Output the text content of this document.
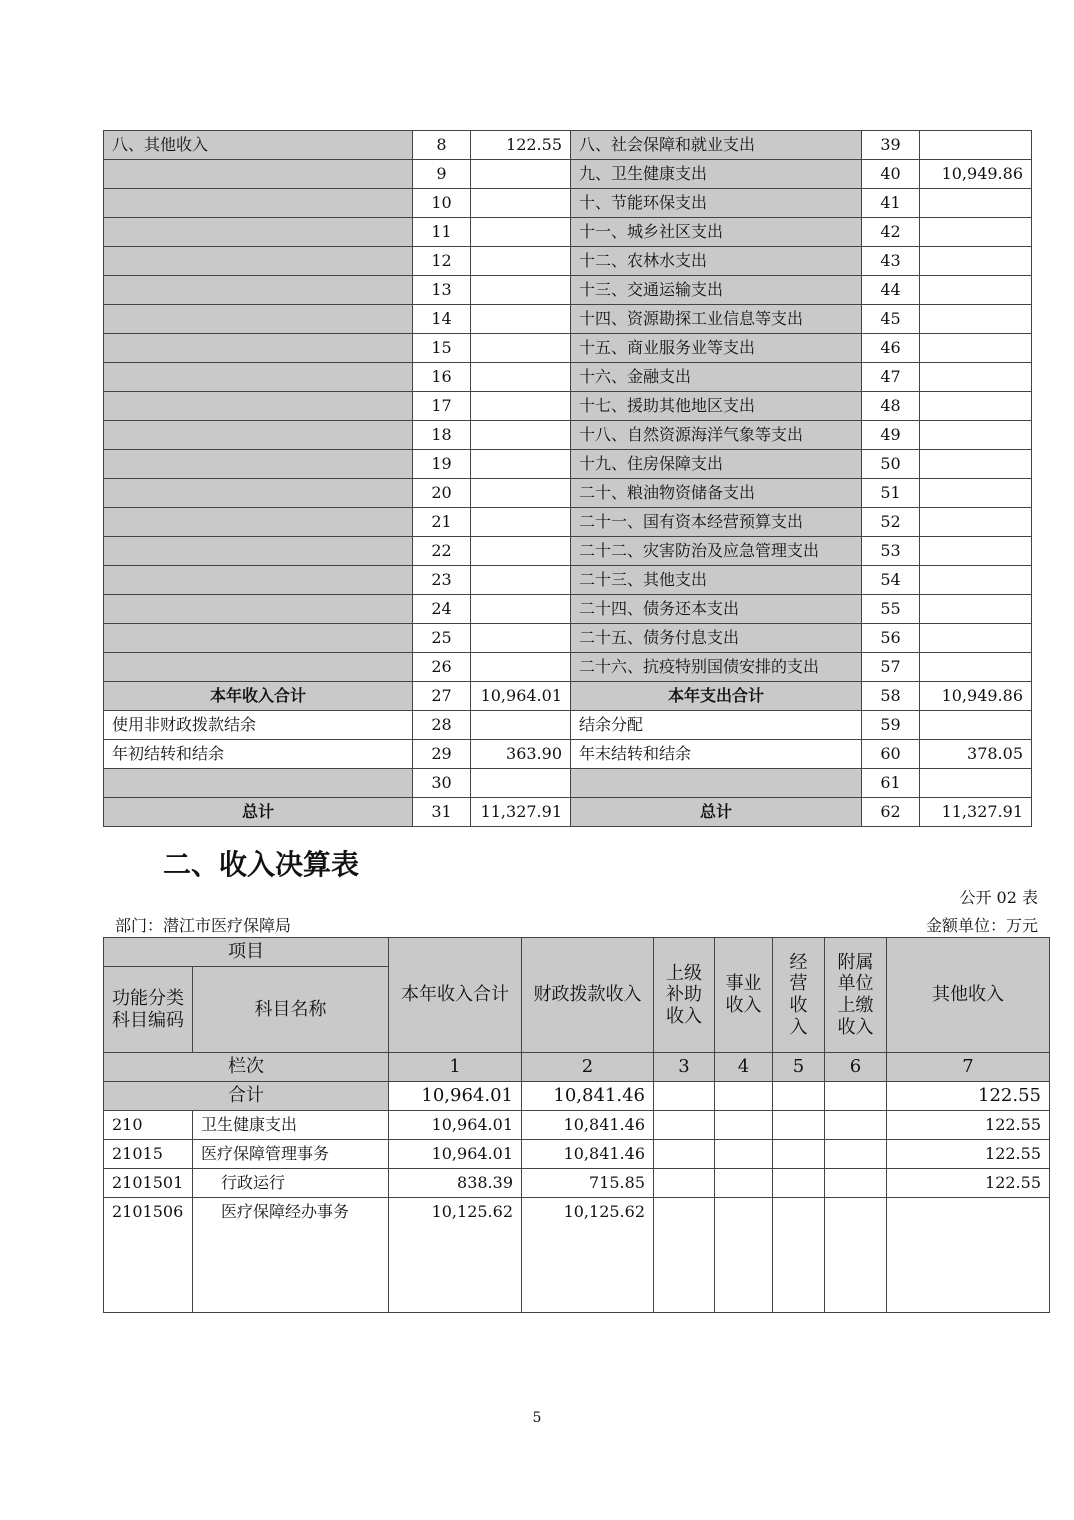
八、其他收入	8	122.55	八、社会保障和就业支出	39	
	9		九、卫生健康支出	40	10,949.86
	10		十、节能环保支出	41	
	11		十一、城乡社区支出	42	
	12		十二、农林水支出	43	
	13		十三、交通运输支出	44	
	14		十四、资源勘探工业信息等支出	45	
	15		十五、商业服务业等支出	46	
	16		十六、金融支出	47	
	17		十七、援助其他地区支出	48	
	18		十八、自然资源海洋气象等支出	49	
	19		十九、住房保障支出	50	
	20		二十、粮油物资储备支出	51	
	21		二十一、国有资本经营预算支出	52	
	22		二十二、灾害防治及应急管理支出	53	
	23		二十三、其他支出	54	
	24		二十四、债务还本支出	55	
	25		二十五、债务付息支出	56	
	26		二十六、抗疫特别国债安排的支出	57	
本年收入合计	27	10,964.01	本年支出合计	58	10,949.86
使用非财政拨款结余	28		结余分配	59	
年初结转和结余	29	363.90	年末结转和结余	60	378.05
	30			61	
总计	31	11,327.91	总计	62	11,327.91
二、收入决算表
公开 02 表
部门：潜江市医疗保障局	金额单位：万元
项目		本年收入合计	财政拨款收入	上级补助收入	事业收入	经营收入	附属单位上缴收入	其他收入
功能分类科目编码	科目名称							
栏次		1	2	3	4	5	6	7
合计		10,964.01	10,841.46					122.55
210	卫生健康支出	10,964.01	10,841.46					122.55
21015	医疗保障管理事务	10,964.01	10,841.46					122.55
2101501	行政运行	838.39	715.85					122.55
2101506	医疗保障经办事务	10,125.62	10,125.62					
5
